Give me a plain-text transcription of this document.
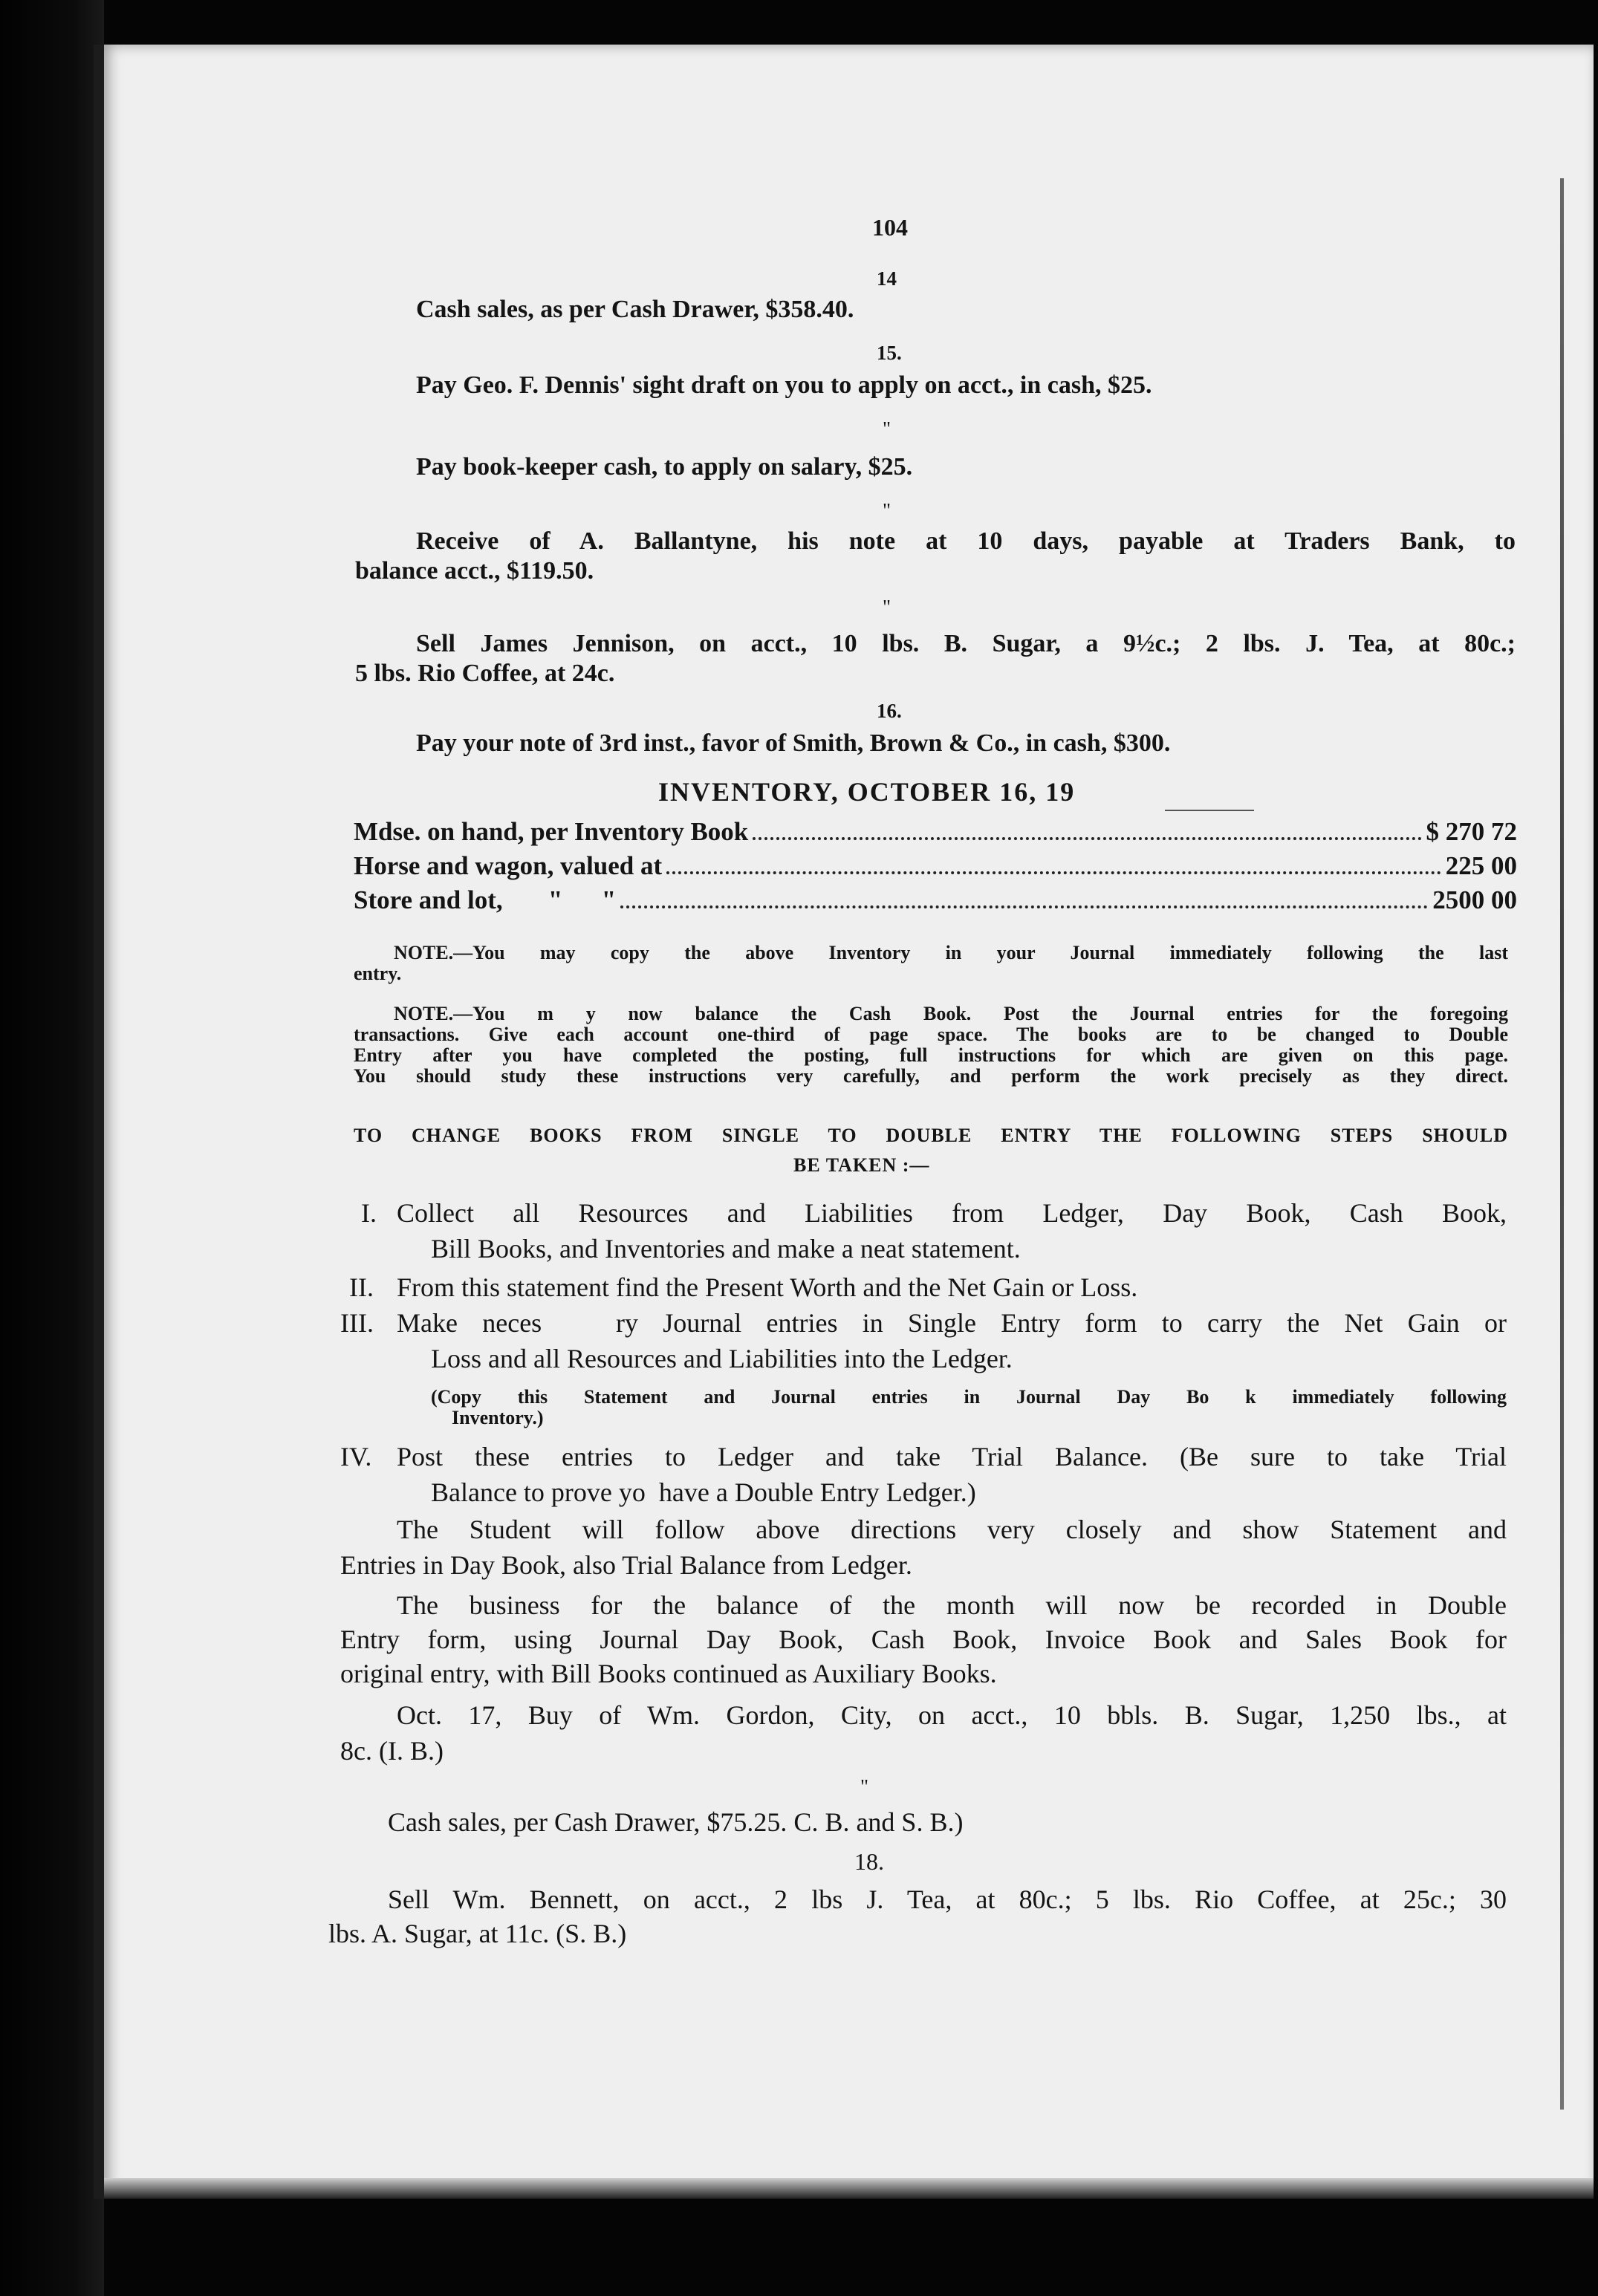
104
14
Cash sales, as per Cash Drawer, $358.40.
15.
Pay Geo. F. Dennis' sight draft on you to apply on acct., in cash, $25.
"
Pay book-keeper cash, to apply on salary, $25.
"
Receive of A. Ballantyne, his note at 10 days, payable at Traders Bank, to
balance acct., $119.50.
"
Sell James Jennison, on acct., 10 lbs. B. Sugar, a 9½c.; 2 lbs. J. Tea, at 80c.;
5 lbs. Rio Coffee, at 24c.
16.
Pay your note of 3rd inst., favor of Smith, Brown & Co., in cash, $300.
INVENTORY, OCTOBER 16, 19
Mdse. on hand, per Inventory Book	$ 270 72
Horse and wagon, valued at	225 00
Store and lot,       "      "	2500 00
NOTE.—You may copy the above Inventory in your Journal immediately following the last
entry.
NOTE.—You m y now balance the Cash Book. Post the Journal entries for the foregoing
transactions. Give each account one-third of page space. The books are to be changed to Double
Entry after you have completed the posting, full instructions for which are given on this page.
You should study these instructions very carefully, and perform the work precisely as they direct.
TO CHANGE BOOKS FROM SINGLE TO DOUBLE ENTRY THE FOLLOWING STEPS SHOULD
BE TAKEN :—
I. Collect all Resources and Liabilities from Ledger, Day Book, Cash Book,
Bill Books, and Inventories and make a neat statement.
II. From this statement find the Present Worth and the Net Gain or Loss.
III. Make neces   ry Journal entries in Single Entry form to carry the Net Gain or
Loss and all Resources and Liabilities into the Ledger.
(Copy this Statement and Journal entries in Journal Day Bo k immediately following
Inventory.)
IV. Post these entries to Ledger and take Trial Balance. (Be sure to take Trial
Balance to prove yo  have a Double Entry Ledger.)
The Student will follow above directions very closely and show Statement and
Entries in Day Book, also Trial Balance from Ledger.
The business for the balance of the month will now be recorded in Double
Entry form, using Journal Day Book, Cash Book, Invoice Book and Sales Book for
original entry, with Bill Books continued as Auxiliary Books.
Oct. 17, Buy of Wm. Gordon, City, on acct., 10 bbls. B. Sugar, 1,250 lbs., at
8c. (I. B.)
"
Cash sales, per Cash Drawer, $75.25. C. B. and S. B.)
18.
Sell Wm. Bennett, on acct., 2 lbs J. Tea, at 80c.; 5 lbs. Rio Coffee, at 25c.; 30
lbs. A. Sugar, at 11c. (S. B.)
